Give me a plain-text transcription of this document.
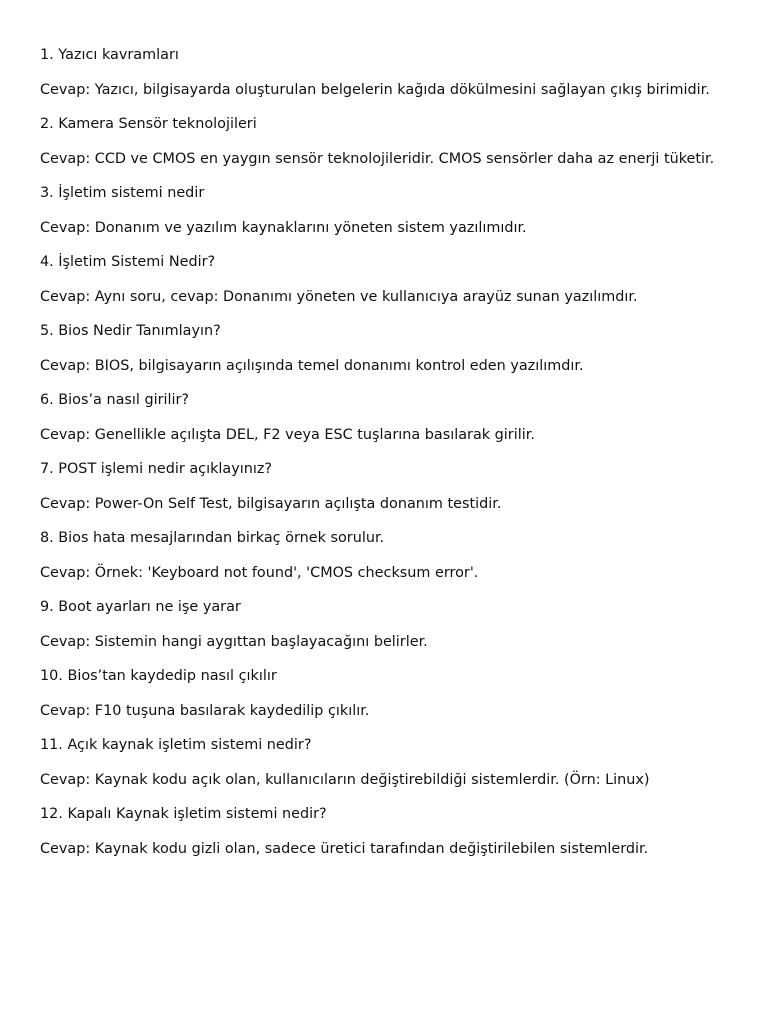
1. Yazıcı kavramları

Cevap: Yazıcı, bilgisayarda oluşturulan belgelerin kağıda dökülmesini sağlayan çıkış birimidir.

2. Kamera Sensör teknolojileri

Cevap: CCD ve CMOS en yaygın sensör teknolojileridir. CMOS sensörler daha az enerji tüketir.

3. İşletim sistemi nedir

Cevap: Donanım ve yazılım kaynaklarını yöneten sistem yazılımıdır.

4. İşletim Sistemi Nedir?

Cevap: Aynı soru, cevap: Donanımı yöneten ve kullanıcıya arayüz sunan yazılımdır.

5. Bios Nedir Tanımlayın?

Cevap: BIOS, bilgisayarın açılışında temel donanımı kontrol eden yazılımdır.

6. Bios’a nasıl girilir?

Cevap: Genellikle açılışta DEL, F2 veya ESC tuşlarına basılarak girilir.

7. POST işlemi nedir açıklayınız?

Cevap: Power-On Self Test, bilgisayarın açılışta donanım testidir.

8. Bios hata mesajlarından birkaç örnek sorulur.

Cevap: Örnek: 'Keyboard not found', 'CMOS checksum error'.

9. Boot ayarları ne işe yarar

Cevap: Sistemin hangi aygıttan başlayacağını belirler.

10. Bios’tan kaydedip nasıl çıkılır

Cevap: F10 tuşuna basılarak kaydedilip çıkılır.

11. Açık kaynak işletim sistemi nedir?

Cevap: Kaynak kodu açık olan, kullanıcıların değiştirebildiği sistemlerdir. (Örn: Linux)

12. Kapalı Kaynak işletim sistemi nedir?

Cevap: Kaynak kodu gizli olan, sadece üretici tarafından değiştirilebilen sistemlerdir.
